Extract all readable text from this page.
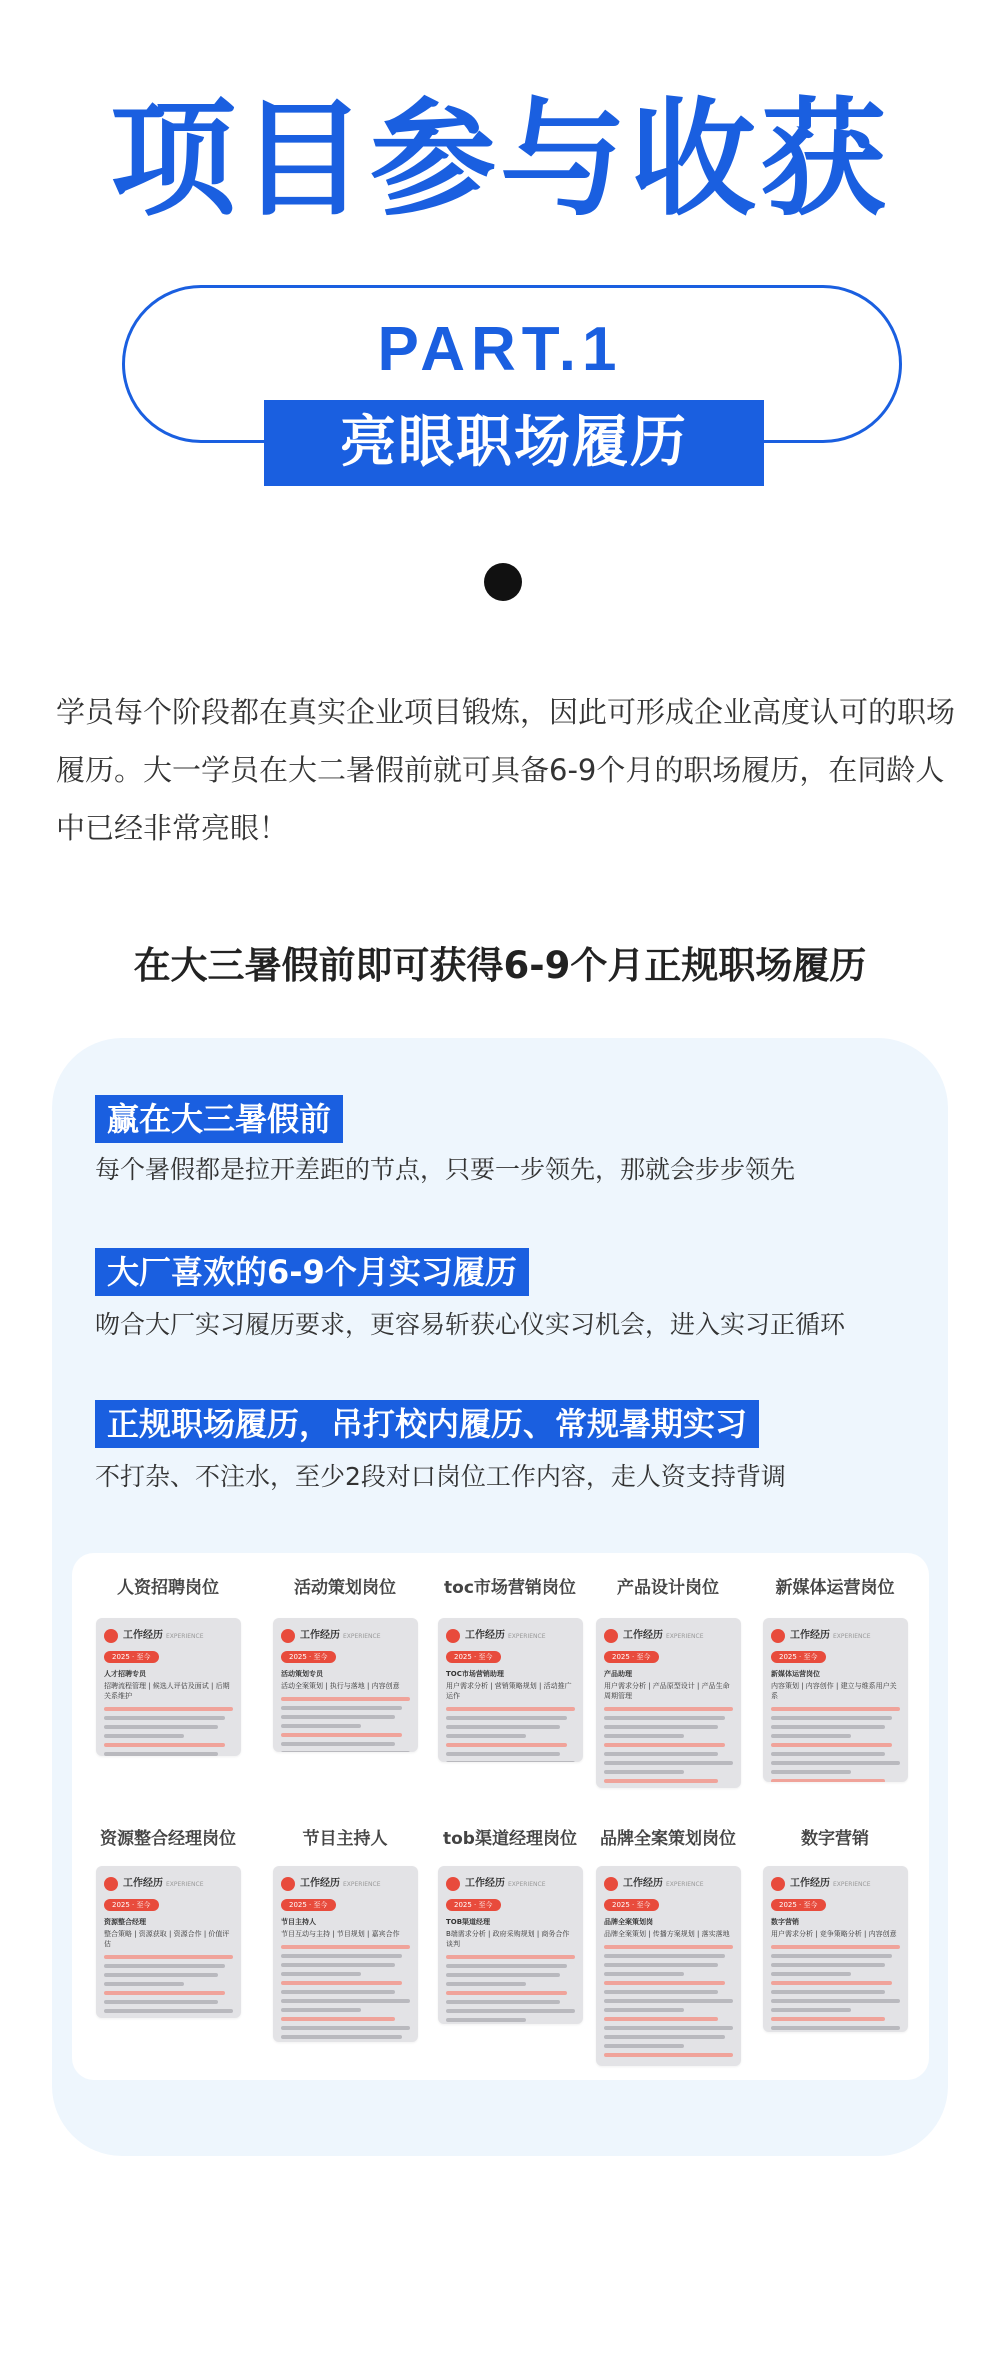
项目参与收获
PART.1
亮眼职场履历
学员每个阶段都在真实企业项目锻炼，因此可形成企业高度认可的职场履历。大一学员在大二暑假前就可具备6-9个月的职场履历，在同龄人中已经非常亮眼！
在大三暑假前即可获得6-9个月正规职场履历
赢在大三暑假前
每个暑假都是拉开差距的节点，只要一步领先，那就会步步领先
大厂喜欢的6-9个月实习履历
吻合大厂实习履历要求，更容易斩获心仪实习机会，进入实习正循环
正规职场履历，吊打校内履历、常规暑期实习
不打杂、不注水，至少2段对口岗位工作内容，走人资支持背调
人资招聘岗位
工作经历 EXPERIENCE
2025 · 至今
人才招聘专员
招聘流程管理 | 候选人评估及面试 | 后期关系维护
活动策划岗位
工作经历 EXPERIENCE
2025 · 至今
活动策划专员
活动全案策划 | 执行与落地 | 内容创意
toc市场营销岗位
工作经历 EXPERIENCE
2025 · 至今
TOC市场营销助理
用户需求分析 | 营销策略规划 | 活动推广运作
产品设计岗位
工作经历 EXPERIENCE
2025 · 至今
产品助理
用户需求分析 | 产品原型设计 | 产品生命周期管理
新媒体运营岗位
工作经历 EXPERIENCE
2025 · 至今
新媒体运营岗位
内容策划 | 内容创作 | 建立与维系用户关系
资源整合经理岗位
工作经历 EXPERIENCE
2025 · 至今
资源整合经理
整合策略 | 资源获取 | 资源合作 | 价值评估
节目主持人
工作经历 EXPERIENCE
2025 · 至今
节目主持人
节目互动与主持 | 节目规划 | 嘉宾合作
tob渠道经理岗位
工作经历 EXPERIENCE
2025 · 至今
TOB渠道经理
B端需求分析 | 政府采购规划 | 商务合作谈判
品牌全案策划岗位
工作经历 EXPERIENCE
2025 · 至今
品牌全案策划岗
品牌全案策划 | 传播方案规划 | 落实落地
数字营销
工作经历 EXPERIENCE
2025 · 至今
数字营销
用户需求分析 | 竞争策略分析 | 内容创意
